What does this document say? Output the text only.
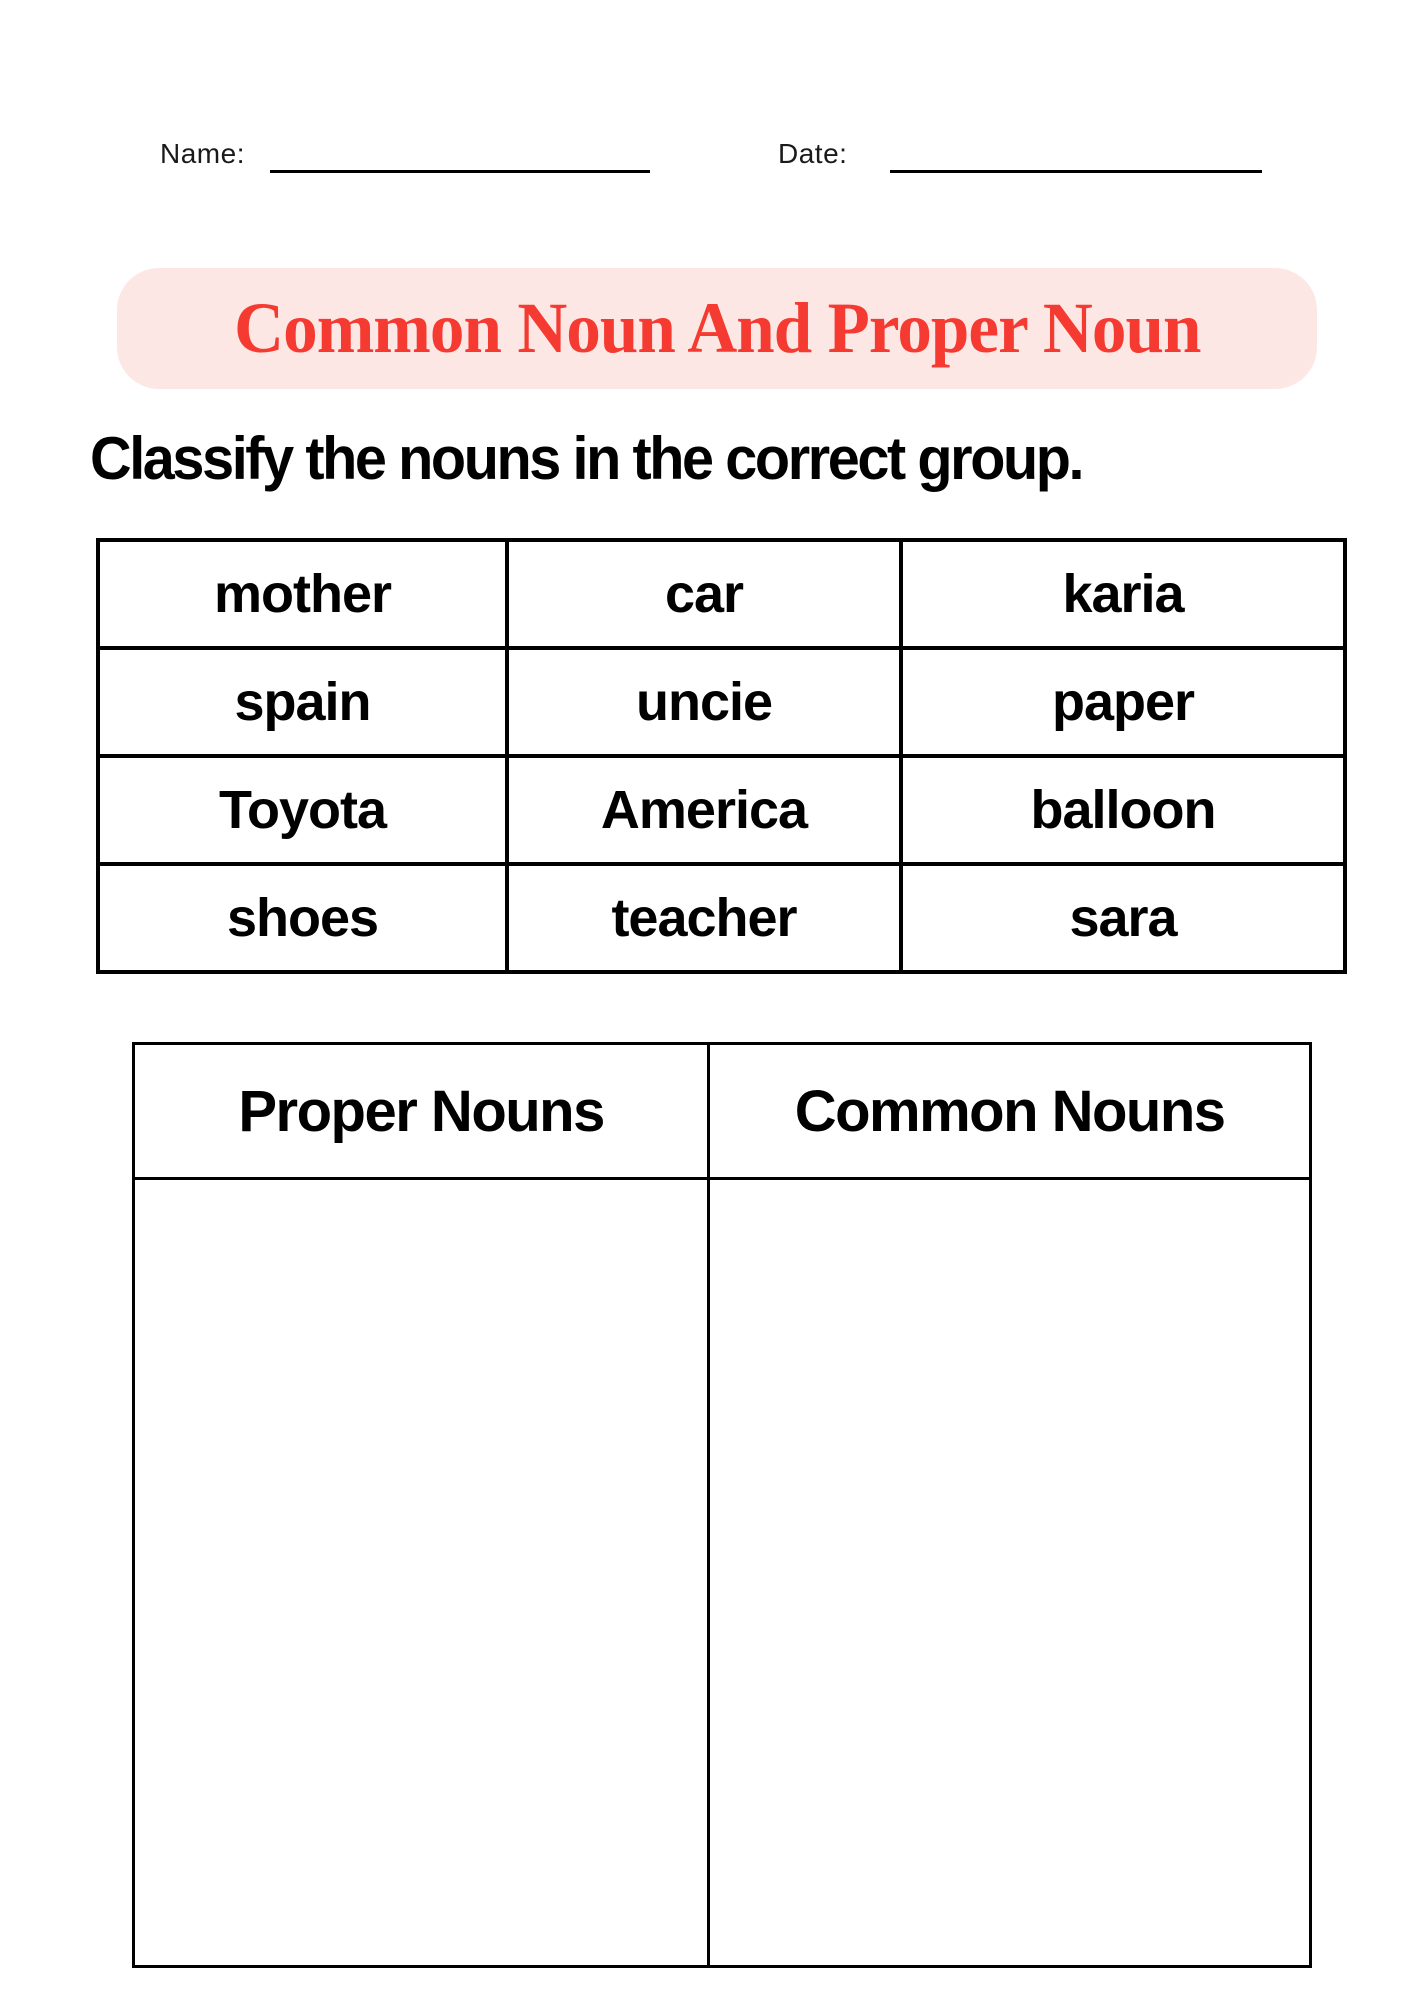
Name:	Date:
Common Noun And Proper Noun
Classify the nouns in the correct group.
mother	car	karia
spain	uncie	paper
Toyota	America	balloon
shoes	teacher	sara
Proper Nouns	Common Nouns
